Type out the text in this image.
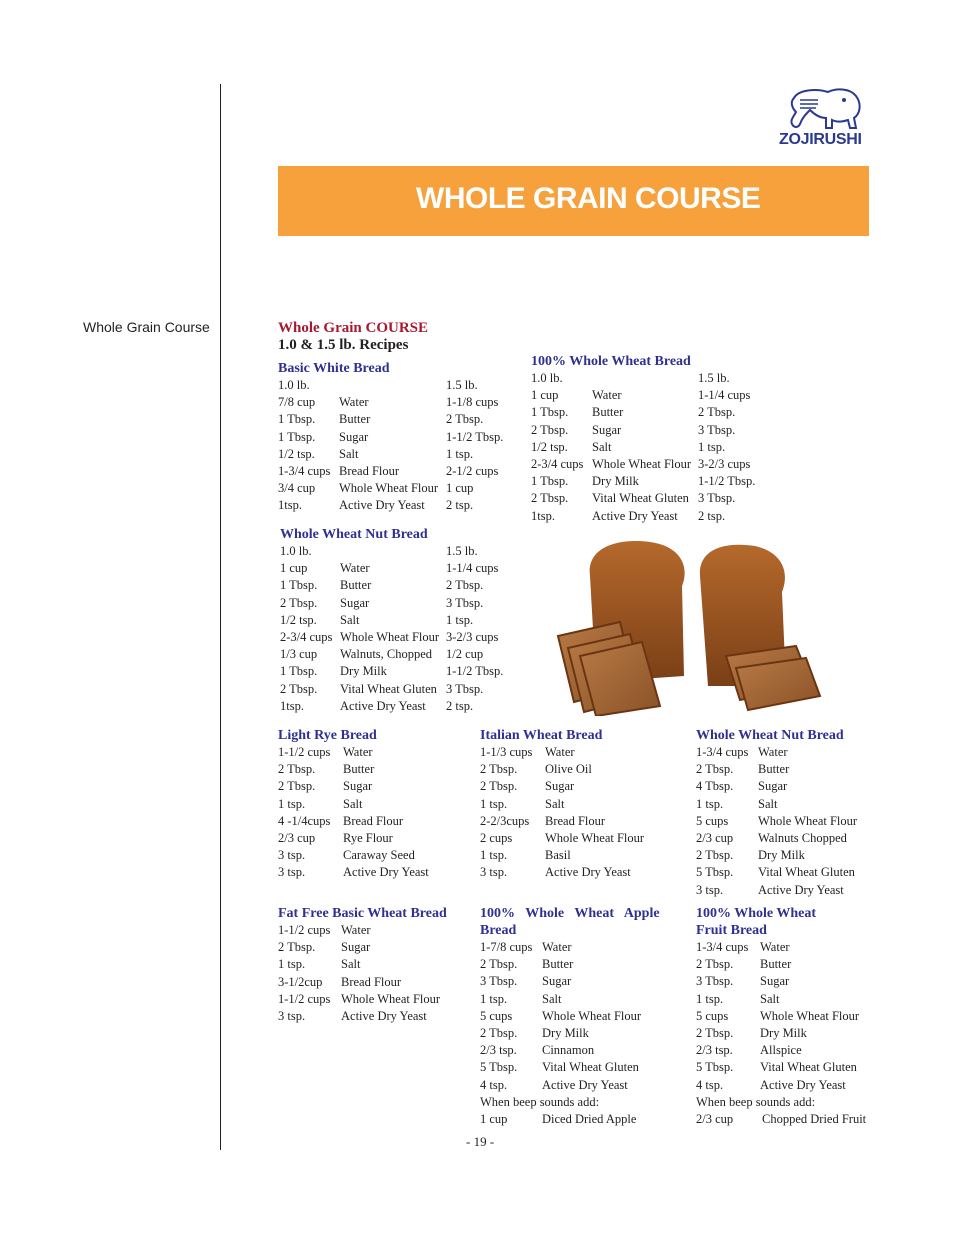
ZOJIRUSHI
WHOLE GRAIN COURSE
Whole Grain Course	Whole Grain COURSE
1.0 & 1.5 lb. Recipes
Basic White Bread
1.0 lb.	1.5 lb.
7/8 cup	Water	1-1/8 cups
1 Tbsp.	Butter	2 Tbsp.
1 Tbsp.	Sugar	1-1/2 Tbsp.
1/2 tsp.	Salt	1 tsp.
1-3/4 cups Bread Flour	2-1/2 cups
3/4 cup	Whole Wheat Flour 1 cup
1tsp.	Active Dry Yeast	2 tsp.
100% Whole Wheat Bread
1.0 lb.	1.5 lb.
1 cup	Water	1-1/4 cups
1 Tbsp.	Butter	2 Tbsp.
2 Tbsp.	Sugar	3 Tbsp.
1/2 tsp.	Salt	1 tsp.
2-3/4 cups Whole Wheat Flour 3-2/3 cups
1 Tbsp.	Dry Milk	1-1/2 Tbsp.
2 Tbsp.	Vital Wheat Gluten 3 Tbsp.
1tsp.	Active Dry Yeast	2 tsp.
Whole Wheat Nut Bread
1.0 lb.	1.5 lb.
1 cup	Water	1-1/4 cups
1 Tbsp.	Butter	2 Tbsp.
2 Tbsp.	Sugar	3 Tbsp.
1/2 tsp.	Salt	1 tsp.
2-3/4 cups Whole Wheat Flour 3-2/3 cups
1/3 cup	Walnuts, Chopped	1/2 cup
1 Tbsp.	Dry Milk	1-1/2 Tbsp.
2 Tbsp.	Vital Wheat Gluten 3 Tbsp.
1tsp.	Active Dry Yeast	2 tsp.
Light Rye Bread
1-1/2 cups	Water
2 Tbsp.	Butter
2 Tbsp.	Sugar
1 tsp.	Salt
4 -1/4cups	Bread Flour
2/3 cup	Rye Flour
3 tsp.	Caraway Seed
3 tsp.	Active Dry Yeast
Italian Wheat Bread
1-1/3 cups	Water
2 Tbsp.	Olive Oil
2 Tbsp.	Sugar
1 tsp.	Salt
2-2/3cups	Bread Flour
2 cups	Whole Wheat Flour
1 tsp.	Basil
3 tsp.	Active Dry Yeast
Whole Wheat Nut Bread
1-3/4 cups Water
2 Tbsp.	Butter
4 Tbsp.	Sugar
1 tsp.	Salt
5 cups	Whole Wheat Flour
2/3 cup	Walnuts Chopped
2 Tbsp.	Dry Milk
5 Tbsp.	Vital Wheat Gluten
3 tsp.	Active Dry Yeast
Fat Free Basic Wheat Bread
1-1/2 cups Water
2 Tbsp.	Sugar
1 tsp.	Salt
3-1/2cup	Bread Flour
1-1/2 cups Whole Wheat Flour
3 tsp.	Active Dry Yeast
100%   Whole   Wheat   Apple
Bread
1-7/8 cups Water
2 Tbsp.	Butter
3 Tbsp.	Sugar
1 tsp.	Salt
5 cups	Whole Wheat Flour
2 Tbsp.	Dry Milk
2/3 tsp.	Cinnamon
5 Tbsp.	Vital Wheat Gluten
4 tsp.	Active Dry Yeast
When beep sounds add:
1 cup	Diced Dried Apple
100% Whole Wheat
Fruit Bread
1-3/4 cups Water
2 Tbsp.	Butter
3 Tbsp.	Sugar
1 tsp.	Salt
5 cups	Whole Wheat Flour
2 Tbsp.	Dry Milk
2/3 tsp.	Allspice
5 Tbsp.	Vital Wheat Gluten
4 tsp.	Active Dry Yeast
When beep sounds add:
2/3 cup	Chopped Dried Fruit
- 19 -
